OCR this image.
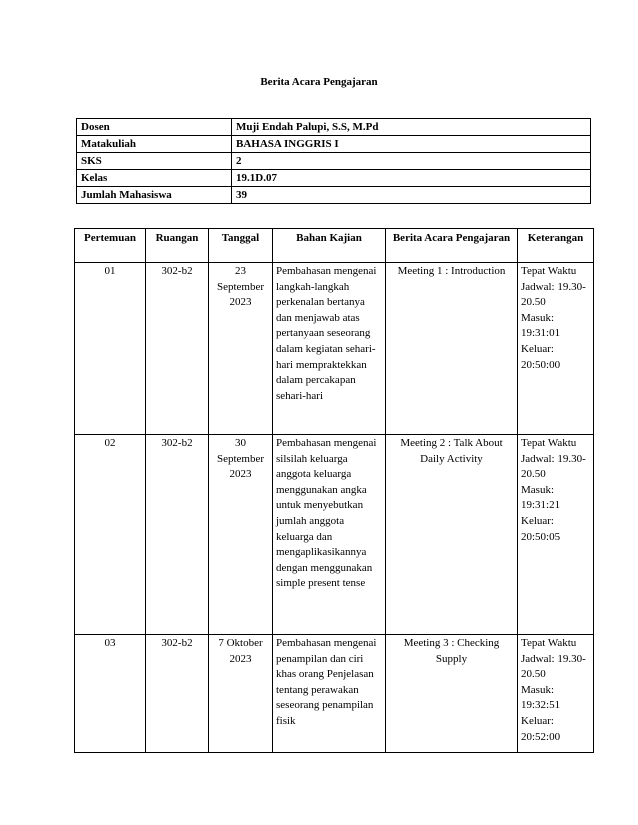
Berita Acara Pengajaran
Dosen	Muji Endah Palupi, S.S, M.Pd
Matakuliah	BAHASA INGGRIS I
SKS	2
Kelas	19.1D.07
Jumlah Mahasiswa	39
Pertemuan	Ruangan	Tanggal	Bahan Kajian	Berita Acara Pengajaran	Keterangan
01	302-b2	23 September 2023	Pembahasan mengenai langkah-langkah perkenalan bertanya dan menjawab atas pertanyaan seseorang dalam kegiatan sehari-hari mempraktekkan dalam percakapan sehari-hari	Meeting 1 : Introduction	Tepat Waktu
Jadwal: 19.30-20.50
Masuk: 19:31:01
Keluar: 20:50:00

02	302-b2	30 September 2023	Pembahasan mengenai silsilah keluarga anggota keluarga menggunakan angka untuk menyebutkan jumlah anggota keluarga dan mengaplikasikannya dengan menggunakan simple present tense	Meeting 2 : Talk About Daily Activity	Tepat Waktu
Jadwal: 19.30-20.50
Masuk: 19:31:21
Keluar: 20:50:05

03	302-b2	7 Oktober 2023	Pembahasan mengenai penampilan dan ciri khas orang Penjelasan tentang perawakan seseorang penampilan fisik	Meeting 3 : Checking Supply	Tepat Waktu
Jadwal: 19.30-20.50
Masuk: 19:32:51
Keluar: 20:52:00
